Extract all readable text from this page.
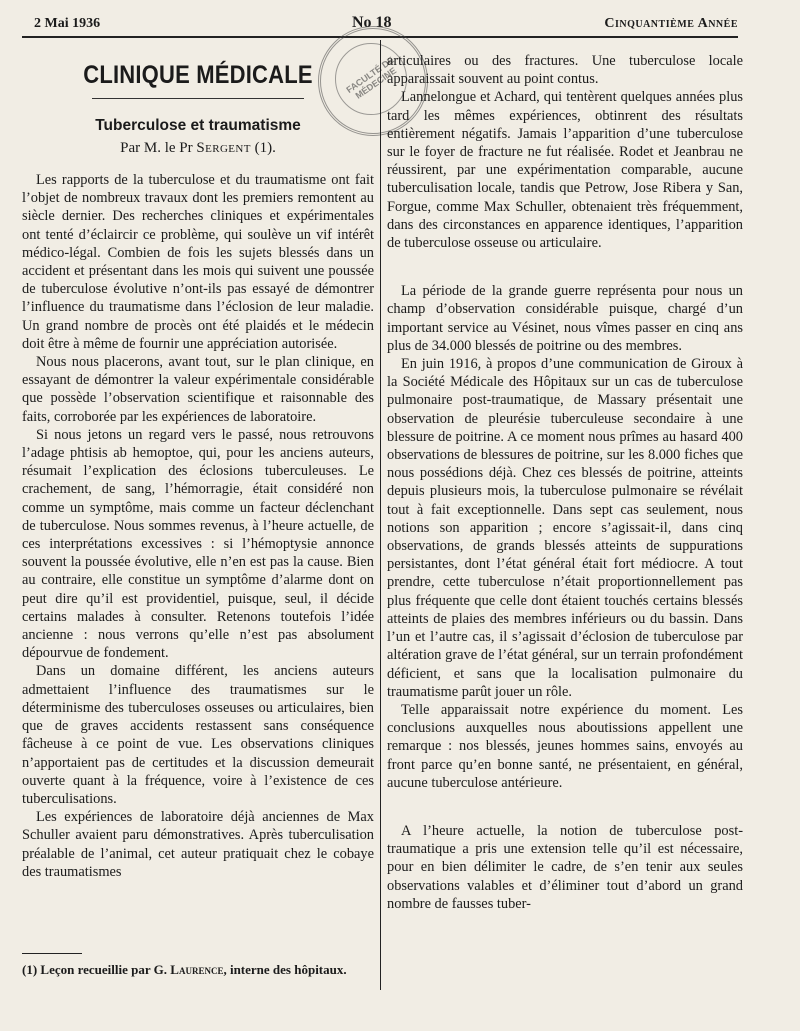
2 Mai 1936	No 18	Cinquantième Année
FACULTÉ DE MÉDECINE
CLINIQUE MÉDICALE
Tuberculose et traumatisme
Par M. le Pr Sergent (1).

Les rapports de la tuberculose et du traumatisme ont fait l’objet de nombreux travaux dont les premiers remontent au siècle dernier. Des recherches cliniques et expérimentales ont tenté d’éclaircir ce problème, qui soulève un vif intérêt médico-légal. Combien de fois les sujets blessés dans un accident et présentant dans les mois qui suivent une poussée de tuberculose évolutive n’ont-ils pas essayé de démontrer l’influence du traumatisme dans l’éclosion de leur maladie. Un grand nombre de procès ont été plaidés et le médecin doit être à même de fournir une appréciation autorisée.

Nous nous placerons, avant tout, sur le plan clinique, en essayant de démontrer la valeur expérimentale considérable que possède l’observation scientifique et raisonnable des faits, corroborée par les expériences de laboratoire.

Si nous jetons un regard vers le passé, nous retrouvons l’adage phtisis ab hemoptoe, qui, pour les anciens auteurs, résumait l’explication des éclosions tuberculeuses. Le crachement, de sang, l’hémorragie, était considéré non comme un symptôme, mais comme un facteur déclenchant de tuberculose. Nous sommes revenus, à l’heure actuelle, de ces interprétations excessives : si l’hémoptysie annonce souvent la poussée évolutive, elle n’en est pas la cause. Bien au contraire, elle constitue un symptôme d’alarme dont on peut dire qu’il est providentiel, puisque, seul, il décide certains malades à consulter. Retenons toutefois l’idée ancienne : nous verrons qu’elle n’est pas absolument dépourvue de fondement.

Dans un domaine différent, les anciens auteurs admettaient l’influence des traumatismes sur le déterminisme des tuberculoses osseuses ou articulaires, bien que de graves accidents restassent sans conséquence fâcheuse à ce point de vue. Les observations cliniques n’apportaient pas de certitudes et la discussion demeurait ouverte quant à la fréquence, voire à l’existence de ces tuberculisations.

Les expériences de laboratoire déjà anciennes de Max Schuller avaient paru démonstratives. Après tuberculisation préalable de l’animal, cet auteur pratiquait chez le cobaye des traumatismes

articulaires ou des fractures. Une tuberculose locale apparaissait souvent au point contus.

Lannelongue et Achard, qui tentèrent quelques années plus tard les mêmes expériences, obtinrent des résultats entièrement négatifs. Jamais l’apparition d’une tuberculose sur le foyer de fracture ne fut réalisée. Rodet et Jeanbrau ne réussirent, par une expérimentation comparable, aucune tuberculisation locale, tandis que Petrow, Jose Ribera y San, Forgue, comme Max Schuller, obtenaient très fréquemment, dans des circonstances en apparence identiques, l’apparition de tuberculose osseuse ou articulaire.

La période de la grande guerre représenta pour nous un champ d’observation considérable puisque, chargé d’un important service au Vésinet, nous vîmes passer en cinq ans plus de 34.000 blessés de poitrine ou des membres.

En juin 1916, à propos d’une communication de Giroux à la Société Médicale des Hôpitaux sur un cas de tuberculose pulmonaire post-traumatique, de Massary présentait une observation de pleurésie tuberculeuse secondaire à une blessure de poitrine. A ce moment nous prîmes au hasard 400 observations de blessures de poitrine, sur les 8.000 fiches que nous possédions déjà. Chez ces blessés de poitrine, atteints depuis plusieurs mois, la tuberculose pulmonaire se révélait tout à fait exceptionnelle. Dans sept cas seulement, nous notions son apparition ; encore s’agissait-il, dans cinq observations, de grands blessés atteints de suppurations persistantes, dont l’état général était fort médiocre. A tout prendre, cette tuberculose n’était proportionnellement pas plus fréquente que celle dont étaient touchés certains blessés atteints de plaies des membres inférieurs ou du bassin. Dans l’un et l’autre cas, il s’agissait d’éclosion de tuberculose par altération grave de l’état général, sur un terrain profondément déficient, et sans que la localisation pulmonaire du traumatisme parût jouer un rôle.

Telle apparaissait notre expérience du moment. Les conclusions auxquelles nous aboutissions appellent une remarque : nos blessés, jeunes hommes sains, envoyés au front parce qu’en bonne santé, ne présentaient, en général, aucune tuberculose antérieure.

A l’heure actuelle, la notion de tuberculose post-traumatique a pris une extension telle qu’il est nécessaire, pour en bien délimiter le cadre, de s’en tenir aux seules observations valables et d’éliminer tout d’abord un grand nombre de fausses tuber-

(1) Leçon recueillie par G. Laurence, interne des hôpitaux.
